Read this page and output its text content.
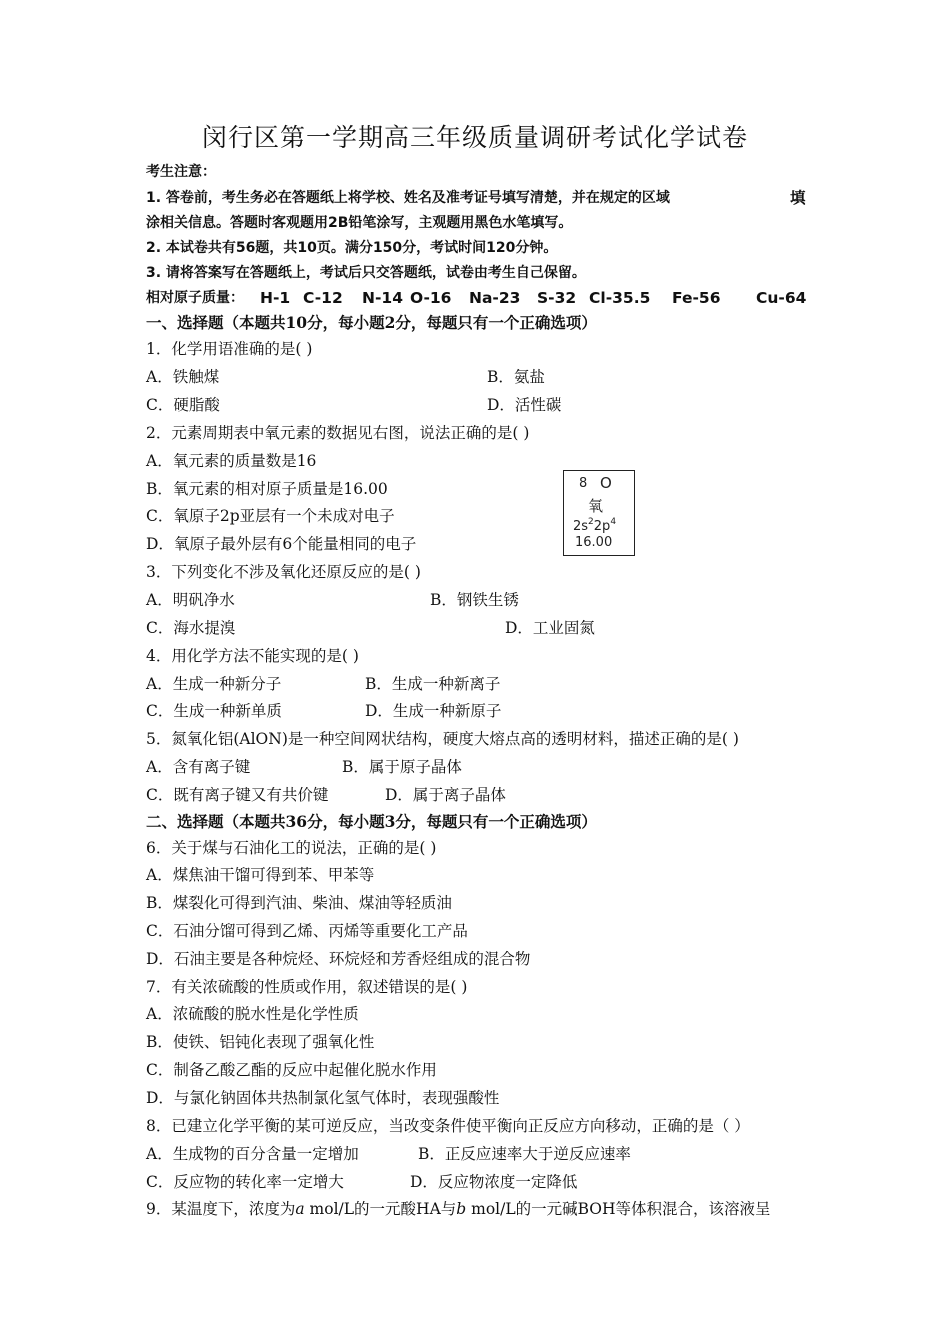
闵行区第一学期高三年级质量调研考试化学试卷
考生注意：
1. 答卷前，考生务必在答题纸上将学校、姓名及准考证号填写清楚，并在规定的区域	填
涂相关信息。答题时客观题用2B铅笔涂写，主观题用黑色水笔填写。
2. 本试卷共有56题，共10页。满分150分，考试时间120分钟。
3. 请将答案写在答题纸上，考试后只交答题纸，试卷由考生自己保留。
相对原子质量： H-1 C-12 N-14 O-16 Na-23 S-32 Cl-35.5 Fe-56 Cu-64
一、选择题（本题共10分，每小题2分，每题只有一个正确选项）
1．化学用语准确的是( )
A．铁触煤	B．氨盐
C．硬脂酸	D．活性碳
2．元素周期表中氧元素的数据见右图，说法正确的是( )
A．氧元素的质量数是16
B．氧元素的相对原子质量是16.00
C．氧原子2p亚层有一个未成对电子
D．氧原子最外层有6个能量相同的电子
8 O
氧
$2s^22p^4$
16.00
3．下列变化不涉及氧化还原反应的是( )
A．明矾净水	B．钢铁生锈
C．海水提溴	D．工业固氮
4．用化学方法不能实现的是( )
A．生成一种新分子	B．生成一种新离子
C．生成一种新单质	D．生成一种新原子
5．氮氧化铝(AlON)是一种空间网状结构，硬度大熔点高的透明材料，描述正确的是( )
A．含有离子键	B．属于原子晶体
C．既有离子键又有共价键	D．属于离子晶体
二、选择题（本题共36分，每小题3分，每题只有一个正确选项）
6．关于煤与石油化工的说法，正确的是( )
A．煤焦油干馏可得到苯、甲苯等
B．煤裂化可得到汽油、柴油、煤油等轻质油
C．石油分馏可得到乙烯、丙烯等重要化工产品
D．石油主要是各种烷烃、环烷烃和芳香烃组成的混合物
7．有关浓硫酸的性质或作用，叙述错误的是( )
A．浓硫酸的脱水性是化学性质
B．使铁、铝钝化表现了强氧化性
C．制备乙酸乙酯的反应中起催化脱水作用
D．与氯化钠固体共热制氯化氢气体时，表现强酸性
8．已建立化学平衡的某可逆反应，当改变条件使平衡向正反应方向移动，正确的是（ ）
A．生成物的百分含量一定增加	B．正反应速率大于逆反应速率
C．反应物的转化率一定增大	D．反应物浓度一定降低
9．某温度下，浓度为a mol/L的一元酸HA与b mol/L的一元碱BOH等体积混合，该溶液呈
